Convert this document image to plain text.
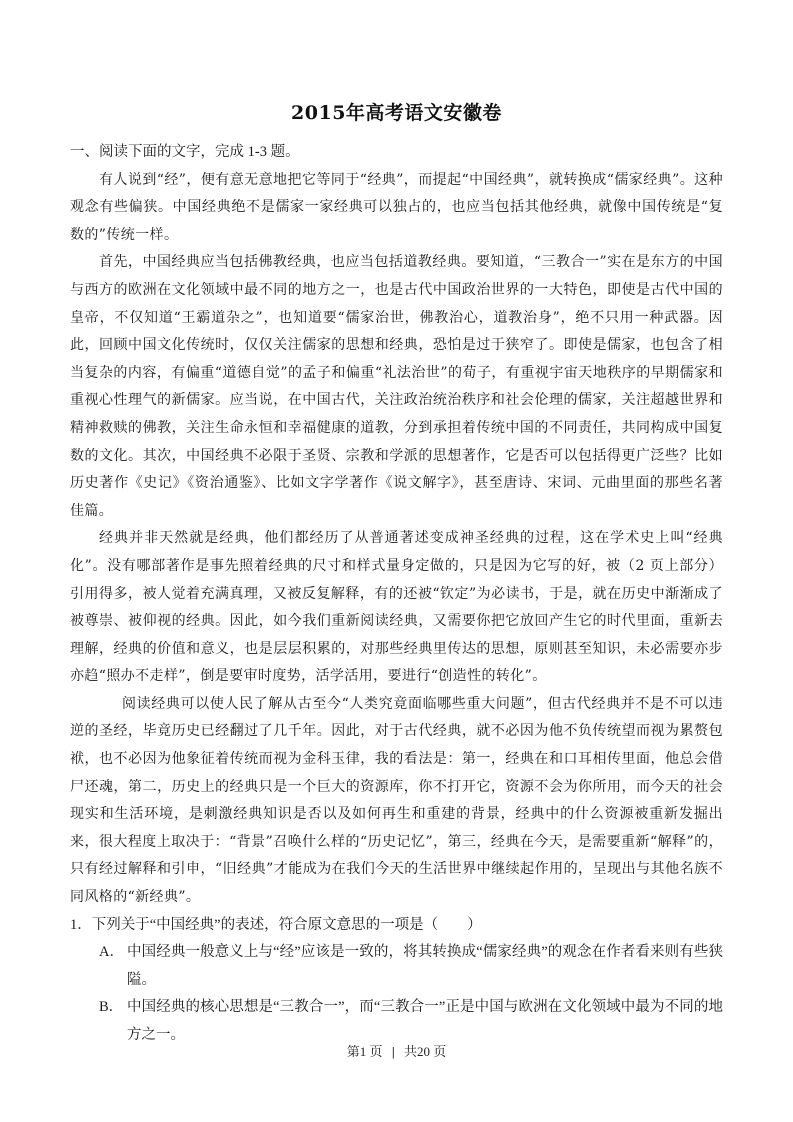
2015年高考语文安徽卷

一、阅读下面的文字，完成 1-3 题。

有人说到“经”，便有意无意地把它等同于“经典”，而提起“中国经典”，就转换成“儒家经典”。这种观念有些偏狭。中国经典绝不是儒家一家经典可以独占的，也应当包括其他经典，就像中国传统是“复数的”传统一样。

首先，中国经典应当包括佛教经典，也应当包括道教经典。要知道，“三教合一”实在是东方的中国与西方的欧洲在文化领域中最不同的地方之一，也是古代中国政治世界的一大特色，即使是古代中国的皇帝，不仅知道“王霸道杂之”，也知道要“儒家治世，佛教治心，道教治身”，绝不只用一种武器。因此，回顾中国文化传统时，仅仅关注儒家的思想和经典，恐怕是过于狭窄了。即使是儒家，也包含了相当复杂的内容，有偏重“道德自觉”的孟子和偏重“礼法治世”的荀子，有重视宇宙天地秩序的早期儒家和重视心性理气的新儒家。应当说，在中国古代，关注政治统治秩序和社会伦理的儒家，关注超越世界和精神救赎的佛教，关注生命永恒和幸福健康的道教，分到承担着传统中国的不同责任，共同构成中国复数的文化。其次，中国经典不必限于圣贤、宗教和学派的思想著作，它是否可以包括得更广泛些？比如历史著作《史记》《资治通鉴》、比如文字学著作《说文解字》，甚至唐诗、宋词、元曲里面的那些名著佳篇。

经典并非天然就是经典，他们都经历了从普通著述变成神圣经典的过程，这在学术史上叫“经典化”。没有哪部著作是事先照着经典的尺寸和样式量身定做的，只是因为它写的好，被（2 页上部分）引用得多，被人觉着充满真理，又被反复解释，有的还被“钦定”为必读书，于是，就在历史中渐渐成了被尊崇、被仰视的经典。因此，如今我们重新阅读经典，又需要你把它放回产生它的时代里面，重新去理解，经典的价值和意义，也是层层积累的，对那些经典里传达的思想，原则甚至知识，未必需要亦步亦趋“照办不走样”，倒是要审时度势，活学活用，要进行“创造性的转化”。

阅读经典可以使人民了解从古至今“人类究竟面临哪些重大问题”，但古代经典并不是不可以违逆的圣经，毕竟历史已经翻过了几千年。因此，对于古代经典，就不必因为他不负传统望而视为累赘包袱，也不必因为他象征着传统而视为金科玉律，我的看法是：第一，经典在和口耳相传里面，他总会借尸还魂，第二，历史上的经典只是一个巨大的资源库，你不打开它，资源不会为你所用，而今天的社会现实和生活环境，是刺激经典知识是否以及如何再生和重建的背景，经典中的什么资源被重新发掘出来，很大程度上取决于：“背景”召唤什么样的“历史记忆”，第三，经典在今天，是需要重新“解释”的，只有经过解释和引申，“旧经典”才能成为在我们今天的生活世界中继续起作用的，呈现出与其他名族不同风格的“新经典”。

1．下列关于“中国经典”的表述，符合原文意思的一项是（　　）

A． 中国经典一般意义上与“经”应该是一致的，将其转换成“儒家经典”的观念在作者看来则有些狭隘。

B． 中国经典的核心思想是“三教合一”，而“三教合一”正是中国与欧洲在文化领域中最为不同的地方之一。

第1 页 | 共20 页
